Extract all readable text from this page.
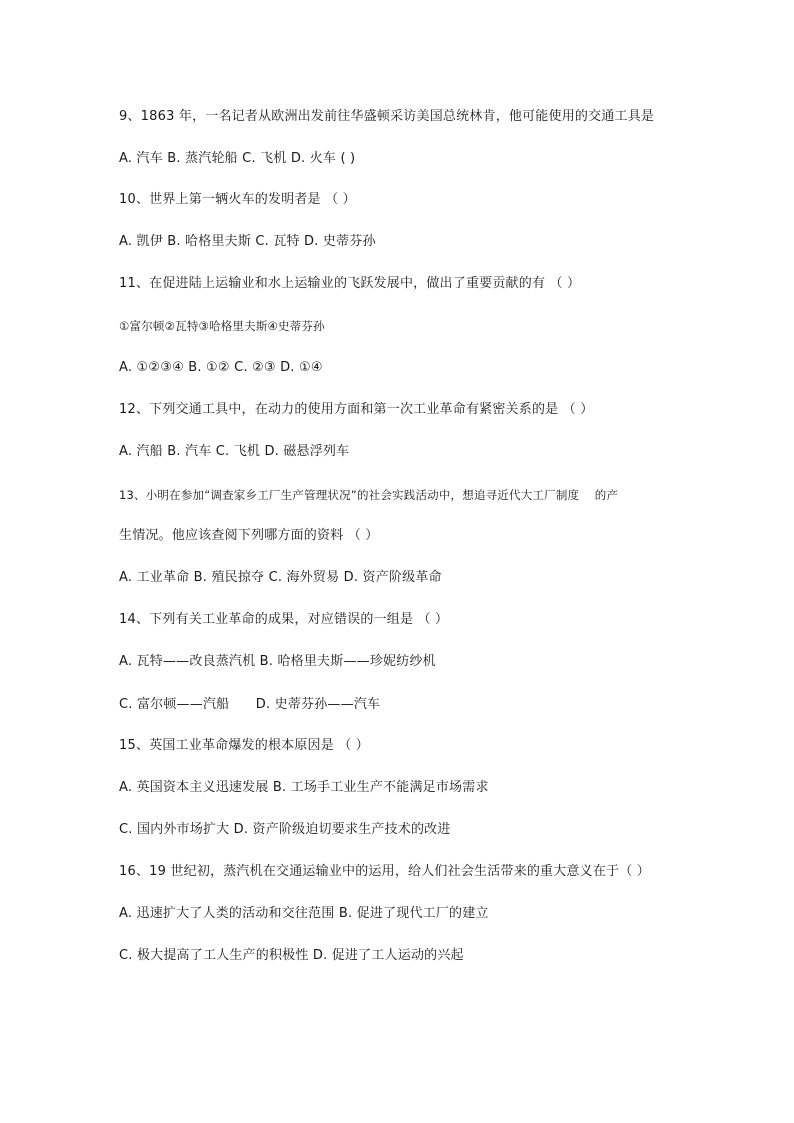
9、1863 年，一名记者从欧洲出发前往华盛顿采访美国总统林肯，他可能使用的交通工具是
A. 汽车 B. 蒸汽轮船 C. 飞机 D. 火车 ( )
10、世界上第一辆火车的发明者是 （ ）
A. 凯伊 B. 哈格里夫斯 C. 瓦特 D. 史蒂芬孙
11、在促进陆上运输业和水上运输业的飞跃发展中，做出了重要贡献的有 （ ）
①富尔顿②瓦特③哈格里夫斯④史蒂芬孙
A. ①②③④ B. ①② C. ②③ D. ①④
12、下列交通工具中，在动力的使用方面和第一次工业革命有紧密关系的是 （ ）
A. 汽船 B. 汽车 C. 飞机 D. 磁悬浮列车
13、小明在参加“调查家乡工厂生产管理状况”的社会实践活动中，想追寻近代大工厂制度　 的产
生情况。他应该查阅下列哪方面的资料 （ ）
A. 工业革命 B. 殖民掠夺 C. 海外贸易 D. 资产阶级革命
14、下列有关工业革命的成果，对应错误的一组是 （ ）
A. 瓦特——改良蒸汽机 B. 哈格里夫斯——珍妮纺纱机
C. 富尔顿——汽船　　D. 史蒂芬孙——汽车
15、英国工业革命爆发的根本原因是 （ ）
A. 英国资本主义迅速发展 B. 工场手工业生产不能满足市场需求
C. 国内外市场扩大 D. 资产阶级迫切要求生产技术的改进
16、19 世纪初，蒸汽机在交通运输业中的运用，给人们社会生活带来的重大意义在于（ ）
A. 迅速扩大了人类的活动和交往范围 B. 促进了现代工厂的建立
C. 极大提高了工人生产的积极性 D. 促进了工人运动的兴起
